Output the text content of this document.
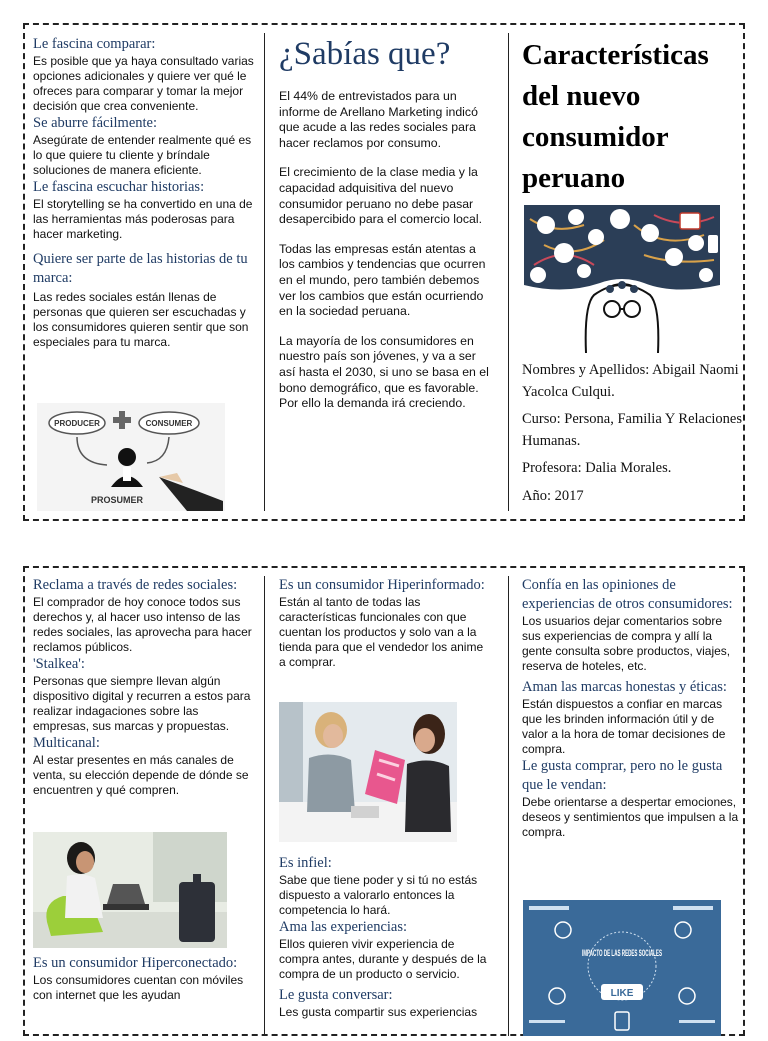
Le fascina comparar:
Es posible que ya haya consultado varias opciones adicionales y quiere ver qué le ofreces para comparar y tomar la mejor decisión que crea conveniente.
Se aburre fácilmente:
Asegúrate de entender realmente qué es lo que quiere tu cliente y bríndale soluciones de manera eficiente.
Le fascina escuchar historias:
El storytelling se ha convertido en una de las herramientas más poderosas para hacer marketing.
Quiere ser parte de las historias de tu marca:
Las redes sociales están llenas de personas que quieren ser escuchadas y los consumidores quieren sentir que son especiales para tu marca.
PRODUCER	CONSUMER
PROSUMER
¿Sabías que?
El 44% de entrevistados para un informe de Arellano Marketing indicó que acude a las redes sociales para hacer reclamos por consumo.
El crecimiento de la clase media y la capacidad adquisitiva del nuevo consumidor peruano no debe pasar desapercibido para el comercio local.
Todas las empresas están atentas a los cambios y tendencias que ocurren en el mundo, pero también debemos ver los cambios que están ocurriendo en la sociedad peruana.
La mayoría de los consumidores en nuestro país son jóvenes, y va a ser así hasta el 2030, si uno se basa en el bono demográfico, que es favorable. Por ello la demanda irá creciendo.
Características
del nuevo
consumidor
peruano
Nombres y Apellidos: Abigail Naomi Yacolca Culqui.
Curso: Persona, Familia Y Relaciones Humanas.
Profesora: Dalia Morales.
Año: 2017
Reclama a través de redes sociales:
El comprador de hoy conoce todos sus derechos y, al hacer uso intenso de las redes sociales, las aprovecha para hacer reclamos públicos.
'Stalkea':
Personas que siempre llevan algún dispositivo digital y recurren a estos para realizar indagaciones sobre las empresas, sus marcas y propuestas.
Multicanal:
Al estar presentes en más canales de venta, su elección depende de dónde se encuentren y qué compren.
Es un consumidor Hiperconectado:
Los consumidores cuentan con móviles con internet que les ayudan
Es un consumidor Hiperinformado:
Están al tanto de todas las características funcionales con que cuentan los productos y solo van a la tienda para que el vendedor los anime a comprar.
Es infiel:
Sabe que tiene poder y si tú no estás dispuesto a valorarlo entonces la competencia lo hará.
Ama las experiencias:
Ellos quieren vivir experiencia de compra antes, durante y después de la compra de un producto o servicio.
Le gusta conversar:
Les gusta compartir sus experiencias
Confía en las opiniones de experiencias de otros consumidores:
Los usuarios dejar comentarios sobre sus experiencias de compra y allí la gente consulta sobre productos, viajes, reserva de hoteles, etc.
Aman las marcas honestas y éticas:
Están dispuestos a confiar en marcas que les brinden información útil y de valor a la hora de tomar decisiones de compra.
Le gusta comprar, pero no le gusta que le vendan:
Debe orientarse a despertar emociones, deseos y sentimientos que impulsen a la compra.
IMPACTO DE LAS REDES SOCIALES
LIKE
